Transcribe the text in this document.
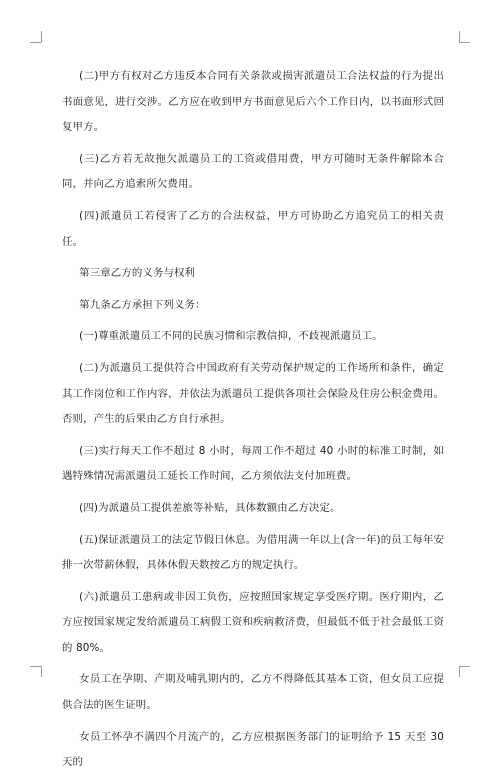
(二)甲方有权对乙方违反本合同有关条款或损害派遣员工合法权益的行为提出书面意见，进行交涉。乙方应在收到甲方书面意见后六个工作日内，以书面形式回复甲方。

(三)乙方若无故拖欠派遣员工的工资或借用费，甲方可随时无条件解除本合同，并向乙方追索所欠费用。

(四)派遣员工若侵害了乙方的合法权益，甲方可协助乙方追究员工的相关责任。

第三章乙方的义务与权利

第九条乙方承担下列义务：

(一)尊重派遣员工不同的民族习惯和宗教信抑，不歧视派遣员工。

(二)为派遣员工提供符合中国政府有关劳动保护规定的工作场所和条件，确定其工作岗位和工作内容，并依法为派遣员工提供各项社会保险及住房公积金费用。否则，产生的后果由乙方自行承担。

(三)实行每天工作不超过 8 小时，每周工作不超过 40 小时的标准工时制，如遇特殊情况需派遣员工延长工作时间，乙方须依法支付加班费。

(四)为派遣员工提供差旅等补贴，具体数额由乙方决定。

(五)保证派遣员工的法定节假日休息。为借用满一年以上(含一年)的员工每年安排一次带薪休假，具体休假天数按乙方的规定执行。

(六)派遣员工患病或非因工负伤，应按照国家规定享受医疗期。医疗期内，乙方应按国家规定发给派遣员工病假工资和疾病救济费，但最低不低于社会最低工资的 80%。

女员工在孕期、产期及哺乳期内的，乙方不得降低其基本工资，但女员工应提供合法的医生证明。

女员工怀孕不满四个月流产的，乙方应根据医务部门的证明给予 15 天至 30 天的
